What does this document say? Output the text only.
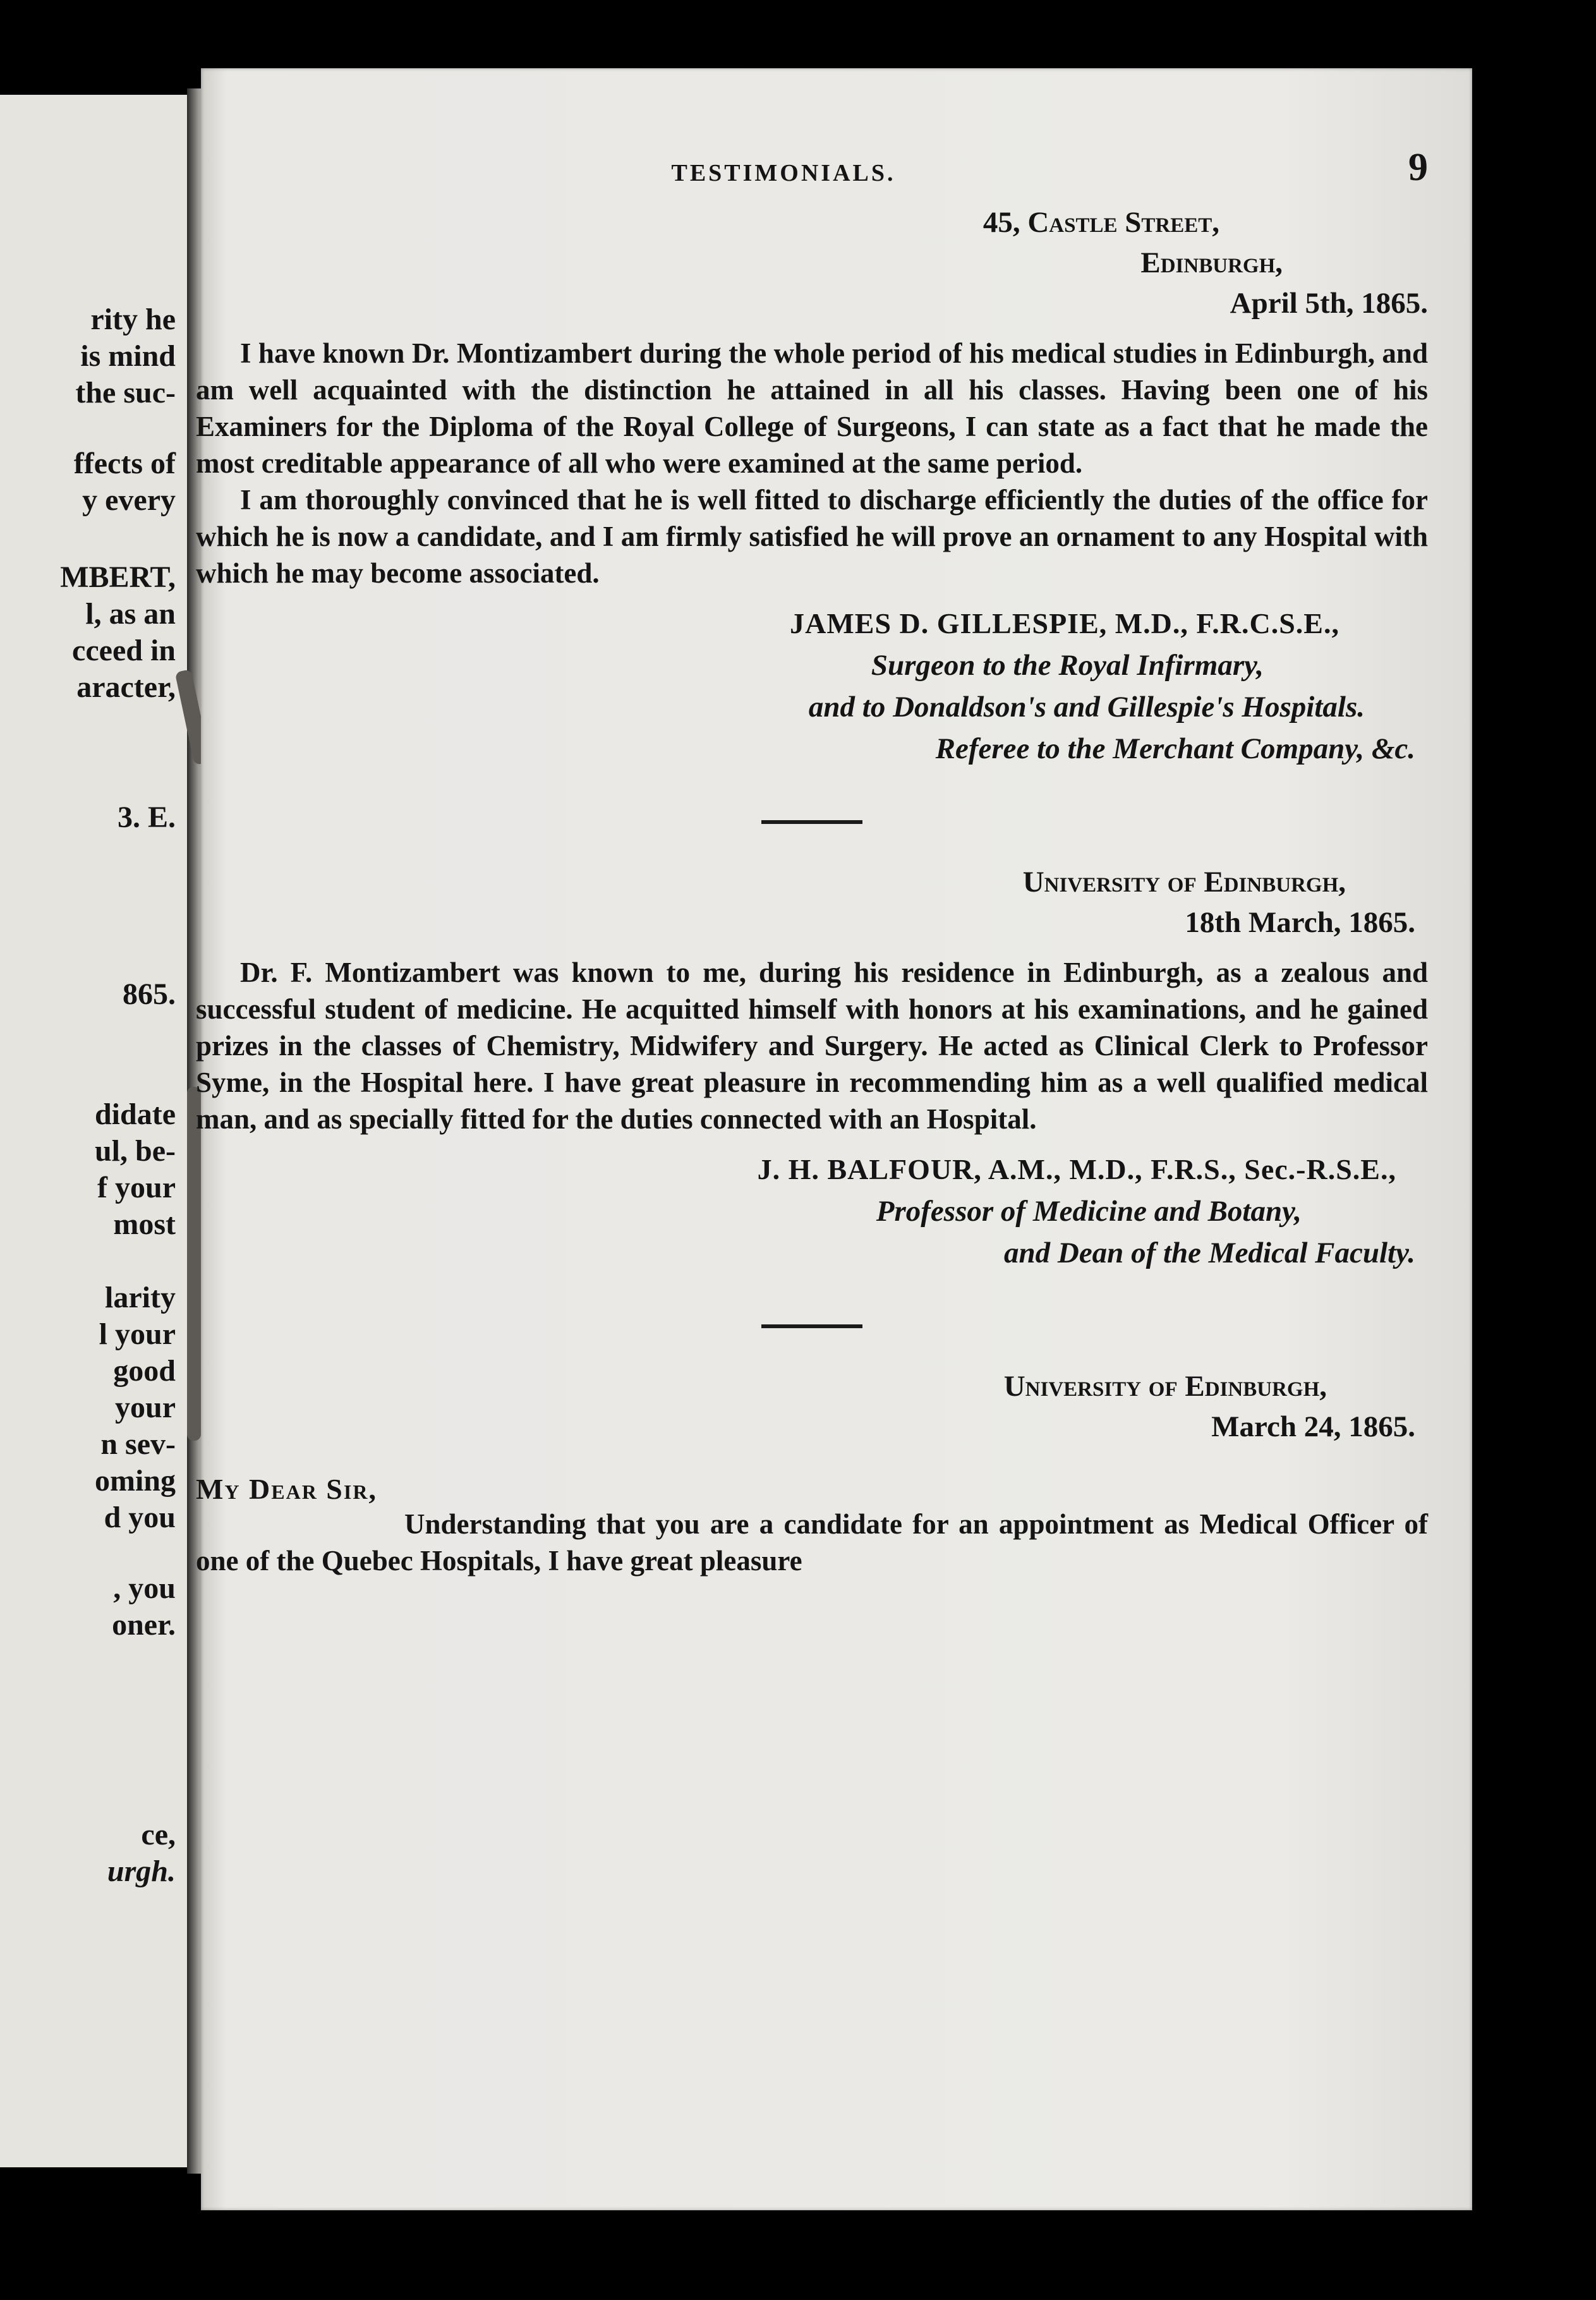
rity he
is mind
the suc-
ffects of
y every
MBERT,
l, as an
cceed in
aracter,
3. E.
865.
didate
ul, be-
f your
most
larity
l your
good
your
n sev-
oming
d you
, you
oner.
ce,
urgh.
TESTIMONIALS.	9
45, Castle Street,
Edinburgh,
April 5th, 1865.

I have known Dr. Montizambert during the whole period of his medical studies in Edinburgh, and am well acquainted with the distinction he attained in all his classes. Having been one of his Examiners for the Diploma of the Royal College of Surgeons, I can state as a fact that he made the most creditable appearance of all who were examined at the same period.

I am thoroughly convinced that he is well fitted to discharge efficiently the duties of the office for which he is now a candidate, and I am firmly satisfied he will prove an ornament to any Hospital with which he may become associated.

JAMES D. GILLESPIE, M.D., F.R.C.S.E.,
Surgeon to the Royal Infirmary,
and to Donaldson's and Gillespie's Hospitals.
Referee to the Merchant Company, &c.
University of Edinburgh,
18th March, 1865.

Dr. F. Montizambert was known to me, during his residence in Edinburgh, as a zealous and successful student of medicine. He acquitted himself with honors at his examinations, and he gained prizes in the classes of Chemistry, Midwifery and Surgery. He acted as Clinical Clerk to Professor Syme, in the Hospital here. I have great pleasure in recommending him as a well qualified medical man, and as specially fitted for the duties connected with an Hospital.

J. H. BALFOUR, A.M., M.D., F.R.S., Sec.-R.S.E.,
Professor of Medicine and Botany,
and Dean of the Medical Faculty.
University of Edinburgh,
March 24, 1865.
My Dear Sir,

Understanding that you are a candidate for an appointment as Medical Officer of one of the Quebec Hospitals, I have great pleasure
